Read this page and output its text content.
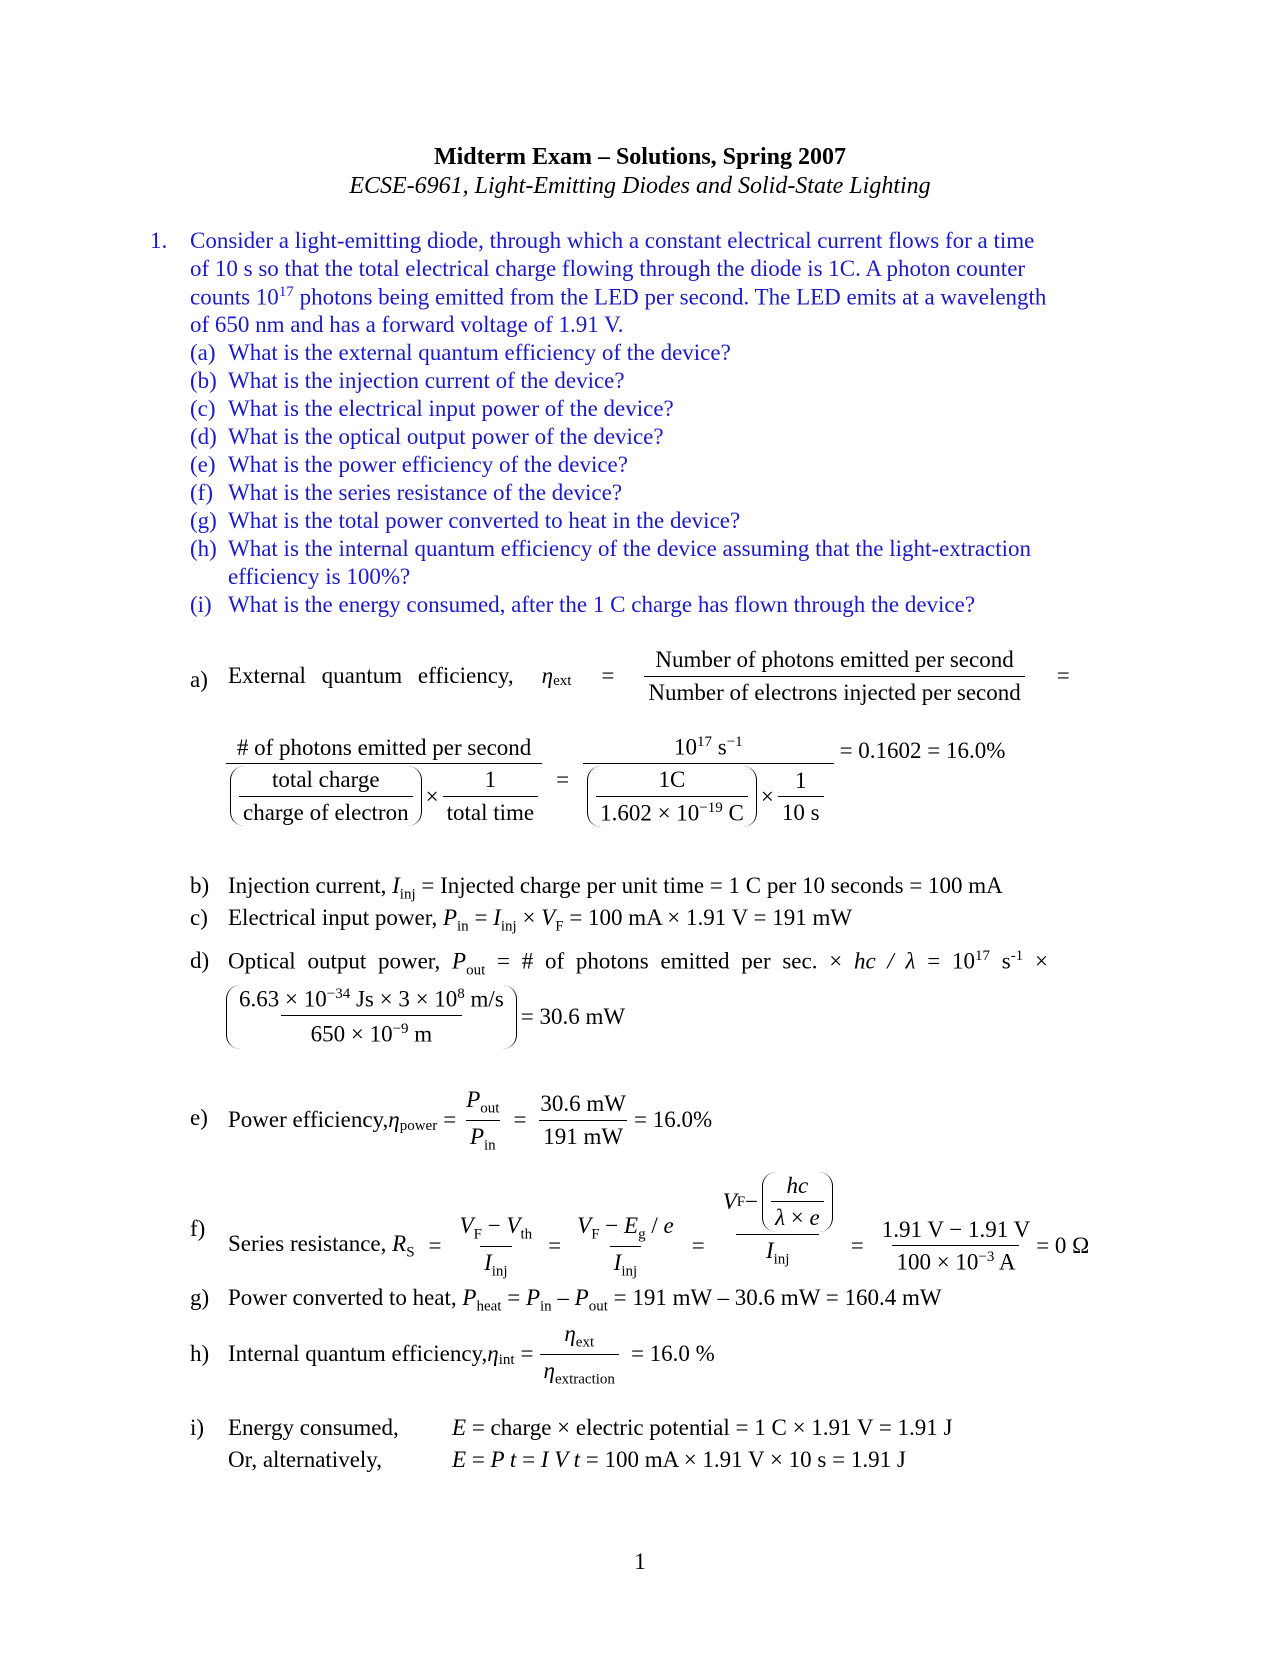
Midterm Exam – Solutions, Spring 2007
ECSE-6961, Light-Emitting Diodes and Solid-State Lighting
1. Consider a light-emitting diode, through which a constant electrical current flows for a time
of 10 s so that the total electrical charge flowing through the diode is 1C. A photon counter
counts $10^{17}$ photons being emitted from the LED per second. The LED emits at a wavelength
of 650 nm and has a forward voltage of 1.91 V.
(a) What is the external quantum efficiency of the device?
(b) What is the injection current of the device?
(c) What is the electrical input power of the device?
(d) What is the optical output power of the device?
(e) What is the power efficiency of the device?
(f) What is the series resistance of the device?
(g) What is the total power converted to heat in the device?
(h) What is the internal quantum efficiency of the device assuming that the light-extraction
efficiency is 100%?
(i) What is the energy consumed, after the 1 C charge has flown through the device?
a) External quantum efficiency, $\eta_{ext} = \frac{\text{Number of photons emitted per second}}{\text{Number of electrons injected per second}}$ =
# of photons emitted per second
$\frac{\text{total charge}}{\text{charge of electron}} \times \frac{1}{\text{total time}}$ =
$10^{17}$ $s^{-1}$
$\frac{1C}{1.602 \times 10^{-19} C} \times \frac{1}{10 s}$
= 0.1602 = 16.0%
b) Injection current, $I_{inj}$ = Injected charge per unit time = 1 C per 10 seconds = 100 mA
c) Electrical input power, $P_{in} = I_{inj} \times V_F = 100$ mA × 1.91 V = 191 mW
d) Optical output power, $P_{out}$ = # of photons emitted per sec. × hc / $\lambda = 10^{17}$ $s^{-1}$ ×
$\frac{6.63 \times 10^{-34} Js \times 3 \times 10^8 m/s}{650 \times 10^{-9} m} = 30.6$ mW
e) Power efficiency, $\eta_{power} = \frac{P_{out}}{P_{in}} = \frac{30.6 mW}{191 mW} = 16.0\%$
f)
Series resistance, $R_S = \frac{V_F - V_{th}}{I_{inj}} = \frac{V_F - E_g / e}{I_{inj}} = \frac{V F - \frac{hc}{\lambda \times e}}{I_{inj}} = \frac{1.91 V - 1.91 V}{100 \times 10^{-3} A} = 0$ Ω
g) Power converted to heat, $P_{heat} = P_{in} - P_{out} = 191$ mW – 30.6 mW = 160.4 mW
h) Internal quantum efficiency, $\eta_{int} = \frac{\eta_{ext}}{\eta_{extraction}} = 16.0$ %
i) Energy consumed, E = charge × electric potential = 1 C × 1.91 V = 1.91 J
Or, alternatively,	E = P t = I V t = 100 mA × 1.91 V × 10 s = 1.91 J
1
